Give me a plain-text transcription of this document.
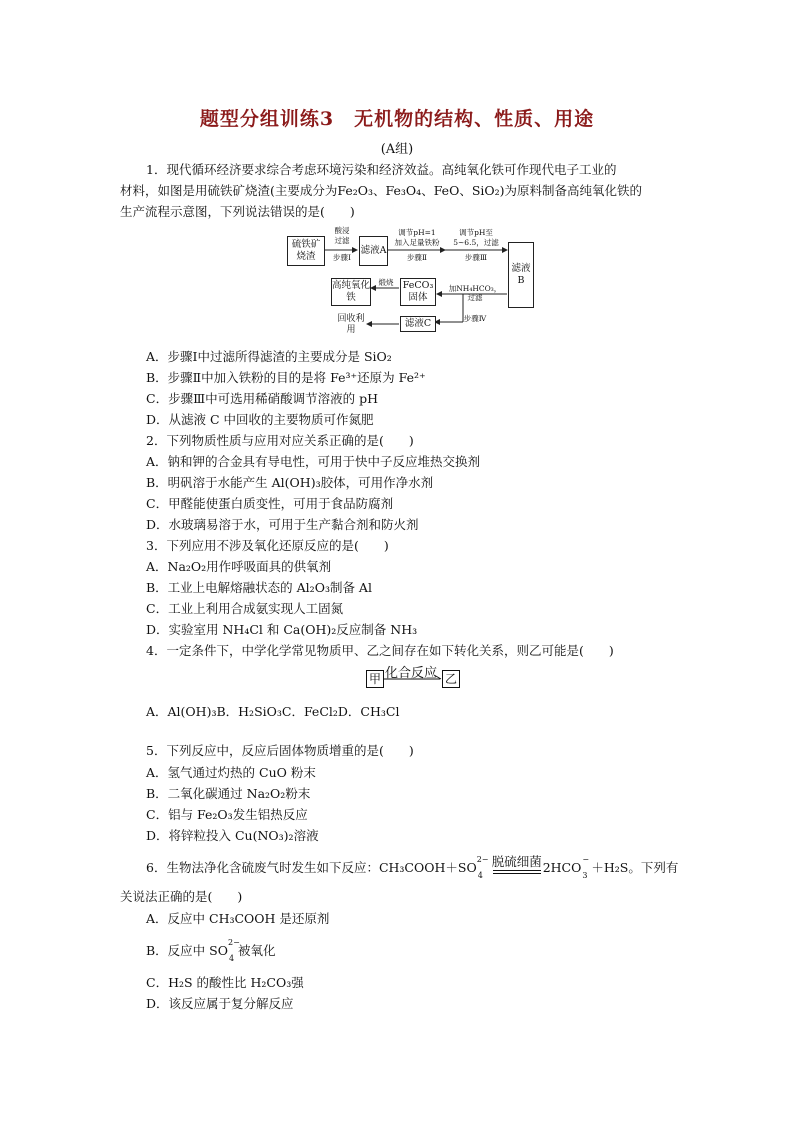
题型分组训练3　无机物的结构、性质、用途
(A组)
1．现代循环经济要求综合考虑环境污染和经济效益。高纯氧化铁可作现代电子工业的
材料，如图是用硫铁矿烧渣(主要成分为Fe₂O₃、Fe₃O₄、FeO、SiO₂)为原料制备高纯氧化铁的
生产流程示意图，下列说法错误的是(　　)
硫铁矿烧渣
酸浸
过滤
步骤Ⅰ
滤液A
调节pH=1
加入足量铁粉
步骤Ⅱ
调节pH至
5~6.5，过滤
步骤Ⅲ
滤液B
加NH₄HCO₃，
过滤
步骤Ⅳ
FeCO₃固体
煅烧
高纯氧化铁
滤液C
回收利用
A．步骤Ⅰ中过滤所得滤渣的主要成分是 SiO₂
B．步骤Ⅱ中加入铁粉的目的是将 Fe³⁺还原为 Fe²⁺
C．步骤Ⅲ中可选用稀硝酸调节溶液的 pH
D．从滤液 C 中回收的主要物质可作氮肥
2．下列物质性质与应用对应关系正确的是(　　)
A．钠和钾的合金具有导电性，可用于快中子反应堆热交换剂
B．明矾溶于水能产生 Al(OH)₃胶体，可用作净水剂
C．甲醛能使蛋白质变性，可用于食品防腐剂
D．水玻璃易溶于水，可用于生产黏合剂和防火剂
3．下列应用不涉及氧化还原反应的是(　　)
A．Na₂O₂用作呼吸面具的供氧剂
B．工业上电解熔融状态的 Al₂O₃制备 Al
C．工业上利用合成氨实现人工固氮
D．实验室用 NH₄Cl 和 Ca(OH)₂反应制备 NH₃
4．一定条件下，中学化学常见物质甲、乙之间存在如下转化关系，则乙可能是(　　)
甲 化合反应 乙
A．Al(OH)₃B．H₂SiO₃C．FeCl₂D．CH₃Cl
5．下列反应中，反应后固体物质增重的是(　　)
A．氢气通过灼热的 CuO 粉末
B．二氧化碳通过 Na₂O₂粉末
C．铝与 Fe₂O₃发生铝热反应
D．将锌粒投入 Cu(NO₃)₂溶液
6．生物法净化含硫废气时发生如下反应：CH₃COOH＋SO
2−
4
脱硫细菌 2HCO
−
3
＋H₂S。下列有
关说法正确的是(　　)
A．反应中 CH₃COOH 是还原剂
B．反应中 SO
2−
4
被氧化
C．H₂S 的酸性比 H₂CO₃强
D．该反应属于复分解反应
